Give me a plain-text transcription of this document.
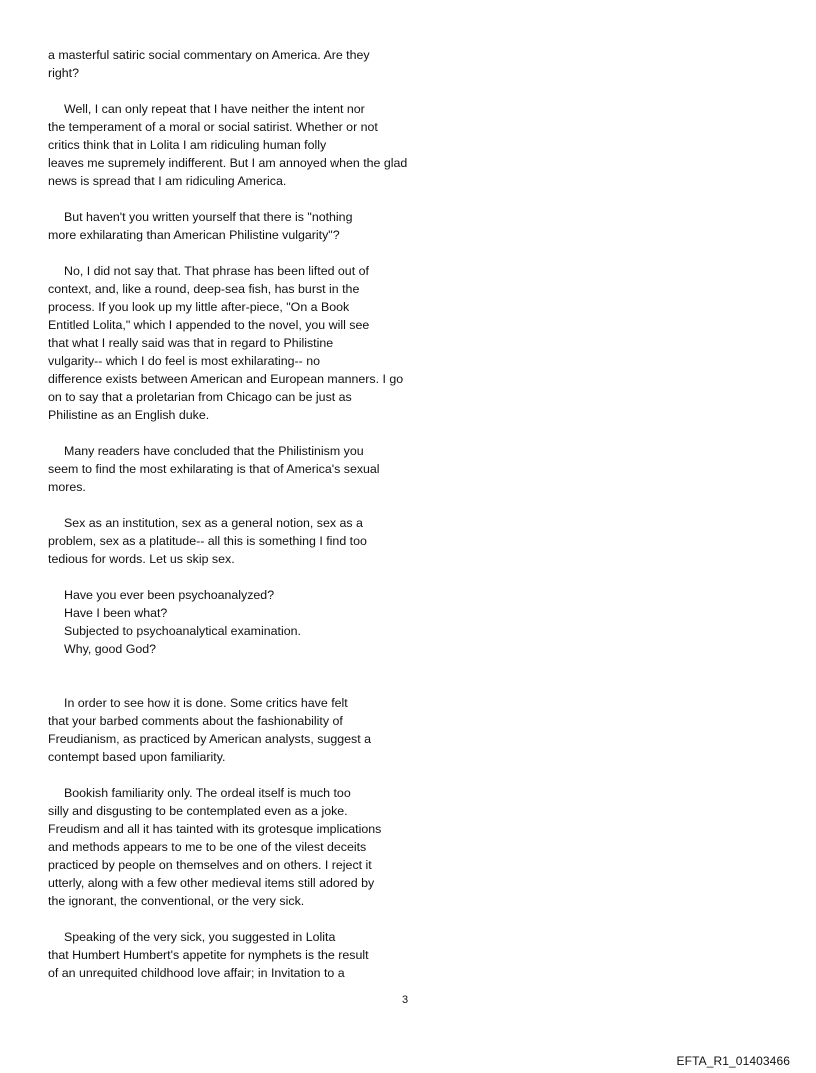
a masterful satiric social commentary on America. Are they
right?

Well, I can only repeat that I have neither the intent nor
the temperament of a moral or social satirist. Whether or not
critics think that in Lolita I am ridiculing human folly
leaves me supremely indifferent. But I am annoyed when the glad
news is spread that I am ridiculing America.

But haven't you written yourself that there is "nothing
more exhilarating than American Philistine vulgarity"?

No, I did not say that. That phrase has been lifted out of
context, and, like a round, deep-sea fish, has burst in the
process. If you look up my little after-piece, "On a Book
Entitled Lolita," which I appended to the novel, you will see
that what I really said was that in regard to Philistine
vulgarity-- which I do feel is most exhilarating-- no
difference exists between American and European manners. I go
on to say that a proletarian from Chicago can be just as
Philistine as an English duke.

Many readers have concluded that the Philistinism you
seem to find the most exhilarating is that of America's sexual
mores.

Sex as an institution, sex as a general notion, sex as a
problem, sex as a platitude-- all this is something I find too
tedious for words. Let us skip sex.

Have you ever been psychoanalyzed?
Have I been what?
Subjected to psychoanalytical examination.
Why, good God?

In order to see how it is done. Some critics have felt
that your barbed comments about the fashionability of
Freudianism, as practiced by American analysts, suggest a
contempt based upon familiarity.

Bookish familiarity only. The ordeal itself is much too
silly and disgusting to be contemplated even as a joke.
Freudism and all it has tainted with its grotesque implications
and methods appears to me to be one of the vilest deceits
practiced by people on themselves and on others. I reject it
utterly, along with a few other medieval items still adored by
the ignorant, the conventional, or the very sick.

Speaking of the very sick, you suggested in Lolita
that Humbert Humbert's appetite for nymphets is the result
of an unrequited childhood love affair; in Invitation to a

3
EFTA_R1_01403466
